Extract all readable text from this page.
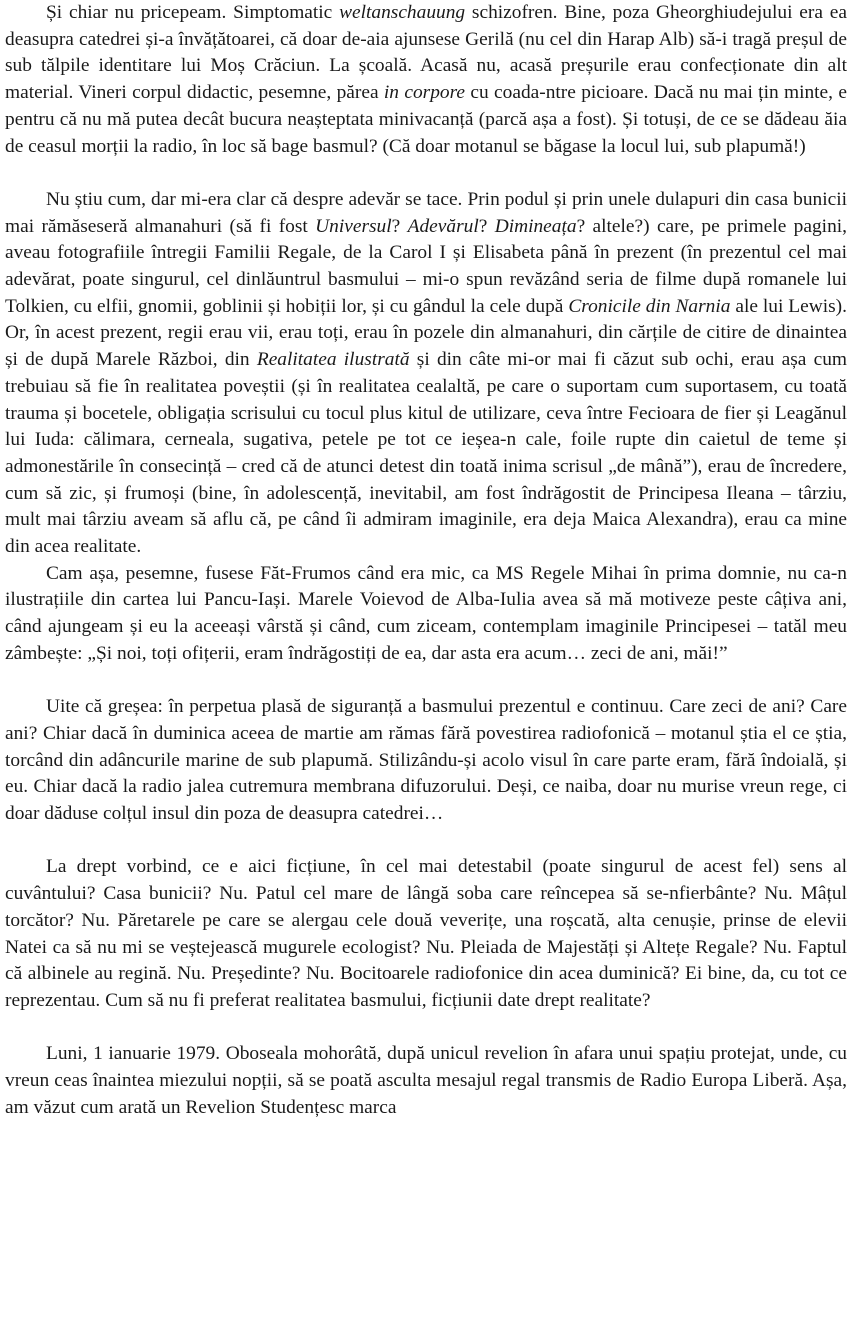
Și chiar nu pricepeam. Simptomatic weltanschauung schizofren. Bine, poza Gheorghiudejului era ea deasupra catedrei și-a învățătoarei, că doar de-aia ajunsese Gerilă (nu cel din Harap Alb) să-i tragă preșul de sub tălpile identitare lui Moș Crăciun. La școală. Acasă nu, acasă preșurile erau confecționate din alt material. Vineri corpul didactic, pesemne, părea in corpore cu coada-ntre picioare. Dacă nu mai țin minte, e pentru că nu mă putea decât bucura neașteptata minivacanță (parcă așa a fost). Și totuși, de ce se dădeau ăia de ceasul morții la radio, în loc să bage basmul? (Că doar motanul se băgase la locul lui, sub plapumă!)

Nu știu cum, dar mi-era clar că despre adevăr se tace. Prin podul și prin unele dulapuri din casa bunicii mai rămăseseră almanahuri (să fi fost Universul? Adevărul? Dimineața? altele?) care, pe primele pagini, aveau fotografiile întregii Familii Regale, de la Carol I și Elisabeta până în prezent (în prezentul cel mai adevărat, poate singurul, cel dinlăuntrul basmului – mi-o spun revăzând seria de filme după romanele lui Tolkien, cu elfii, gnomii, goblinii și hobiții lor, și cu gândul la cele după Cronicile din Narnia ale lui Lewis). Or, în acest prezent, regii erau vii, erau toți, erau în pozele din almanahuri, din cărțile de citire de dinaintea și de după Marele Război, din Realitatea ilustrată și din câte mi-or mai fi căzut sub ochi, erau așa cum trebuiau să fie în realitatea poveștii (și în realitatea cealaltă, pe care o suportam cum suportasem, cu toată trauma și bocetele, obligația scrisului cu tocul plus kitul de utilizare, ceva între Fecioara de fier și Leagănul lui Iuda: călimara, cerneala, sugativa, petele pe tot ce ieșea-n cale, foile rupte din caietul de teme și admonestările în consecință – cred că de atunci detest din toată inima scrisul „de mână”), erau de încredere, cum să zic, și frumoși (bine, în adolescență, inevitabil, am fost îndrăgostit de Principesa Ileana – târziu, mult mai târziu aveam să aflu că, pe când îi admiram imaginile, era deja Maica Alexandra), erau ca mine din acea realitate.

Cam așa, pesemne, fusese Făt-Frumos când era mic, ca MS Regele Mihai în prima domnie, nu ca-n ilustrațiile din cartea lui Pancu-Iași. Marele Voievod de Alba-Iulia avea să mă motiveze peste câțiva ani, când ajungeam și eu la aceeași vârstă și când, cum ziceam, contemplam imaginile Principesei – tatăl meu zâmbește: „Și noi, toți ofițerii, eram îndrăgostiți de ea, dar asta era acum… zeci de ani, măi!”

Uite că greșea: în perpetua plasă de siguranță a basmului prezentul e continuu. Care zeci de ani? Care ani? Chiar dacă în duminica aceea de martie am rămas fără povestirea radiofonică – motanul știa el ce știa, torcând din adâncurile marine de sub plapumă. Stilizându-și acolo visul în care parte eram, fără îndoială, și eu. Chiar dacă la radio jalea cutremura membrana difuzorului. Deși, ce naiba, doar nu murise vreun rege, ci doar dăduse colțul insul din poza de deasupra catedrei…

La drept vorbind, ce e aici ficțiune, în cel mai detestabil (poate singurul de acest fel) sens al cuvântului? Casa bunicii? Nu. Patul cel mare de lângă soba care reîncepea să se-nfierbânte? Nu. Mâțul torcător? Nu. Păretarele pe care se alergau cele două veverițe, una roșcată, alta cenușie, prinse de elevii Natei ca să nu mi se veștejească mugurele ecologist? Nu. Pleiada de Majestăți și Altețe Regale? Nu. Faptul că albinele au regină. Nu. Președinte? Nu. Bocitoarele radiofonice din acea duminică? Ei bine, da, cu tot ce reprezentau. Cum să nu fi preferat realitatea basmului, ficțiunii date drept realitate?

Luni, 1 ianuarie 1979. Oboseala mohorâtă, după unicul revelion în afara unui spațiu protejat, unde, cu vreun ceas înaintea miezului nopții, să se poată asculta mesajul regal transmis de Radio Europa Liberă. Așa, am văzut cum arată un Revelion Studențesc marca
